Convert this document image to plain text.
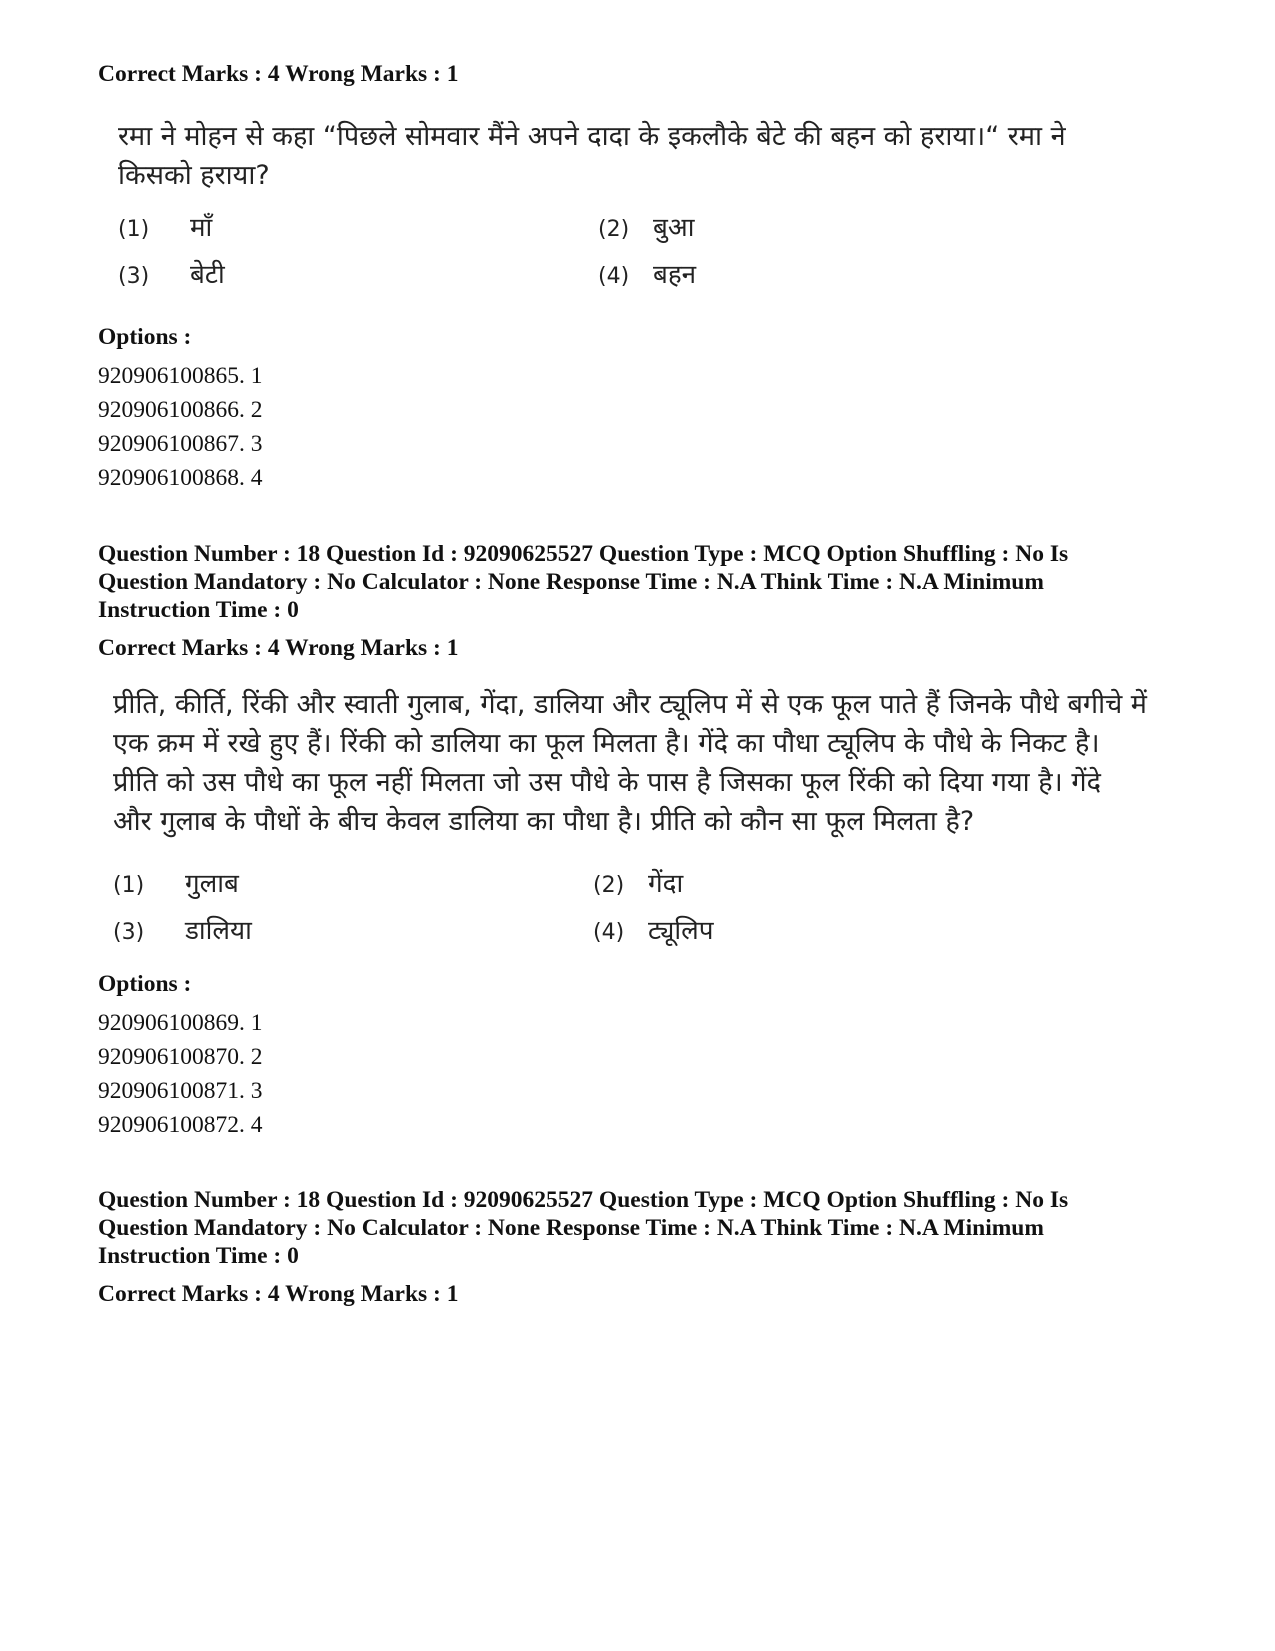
Correct Marks : 4 Wrong Marks : 1
रमा ने मोहन से कहा “पिछले सोमवार मैंने अपने दादा के इकलौके बेटे की बहन को हराया।“ रमा ने
किसको हराया?
(1) माँ	(2) बुआ
(3) बेटी	(4) बहन
Options :
920906100865. 1
920906100866. 2
920906100867. 3
920906100868. 4
Question Number : 18 Question Id : 92090625527 Question Type : MCQ Option Shuffling : No Is
Question Mandatory : No Calculator : None Response Time : N.A Think Time : N.A Minimum
Instruction Time : 0
Correct Marks : 4 Wrong Marks : 1
प्रीति, कीर्ति, रिंकी और स्वाती गुलाब, गेंदा, डालिया और ट्यूलिप में से एक फूल पाते हैं जिनके पौधे बगीचे में
एक क्रम में रखे हुए हैं। रिंकी को डालिया का फूल मिलता है। गेंदे का पौधा ट्यूलिप के पौधे के निकट है।
प्रीति को उस पौधे का फूल नहीं मिलता जो उस पौधे के पास है जिसका फूल रिंकी को दिया गया है। गेंदे
और गुलाब के पौधों के बीच केवल डालिया का पौधा है। प्रीति को कौन सा फूल मिलता है?
(1) गुलाब	(2) गेंदा
(3) डालिया	(4) ट्यूलिप
Options :
920906100869. 1
920906100870. 2
920906100871. 3
920906100872. 4
Question Number : 18 Question Id : 92090625527 Question Type : MCQ Option Shuffling : No Is
Question Mandatory : No Calculator : None Response Time : N.A Think Time : N.A Minimum
Instruction Time : 0
Correct Marks : 4 Wrong Marks : 1
